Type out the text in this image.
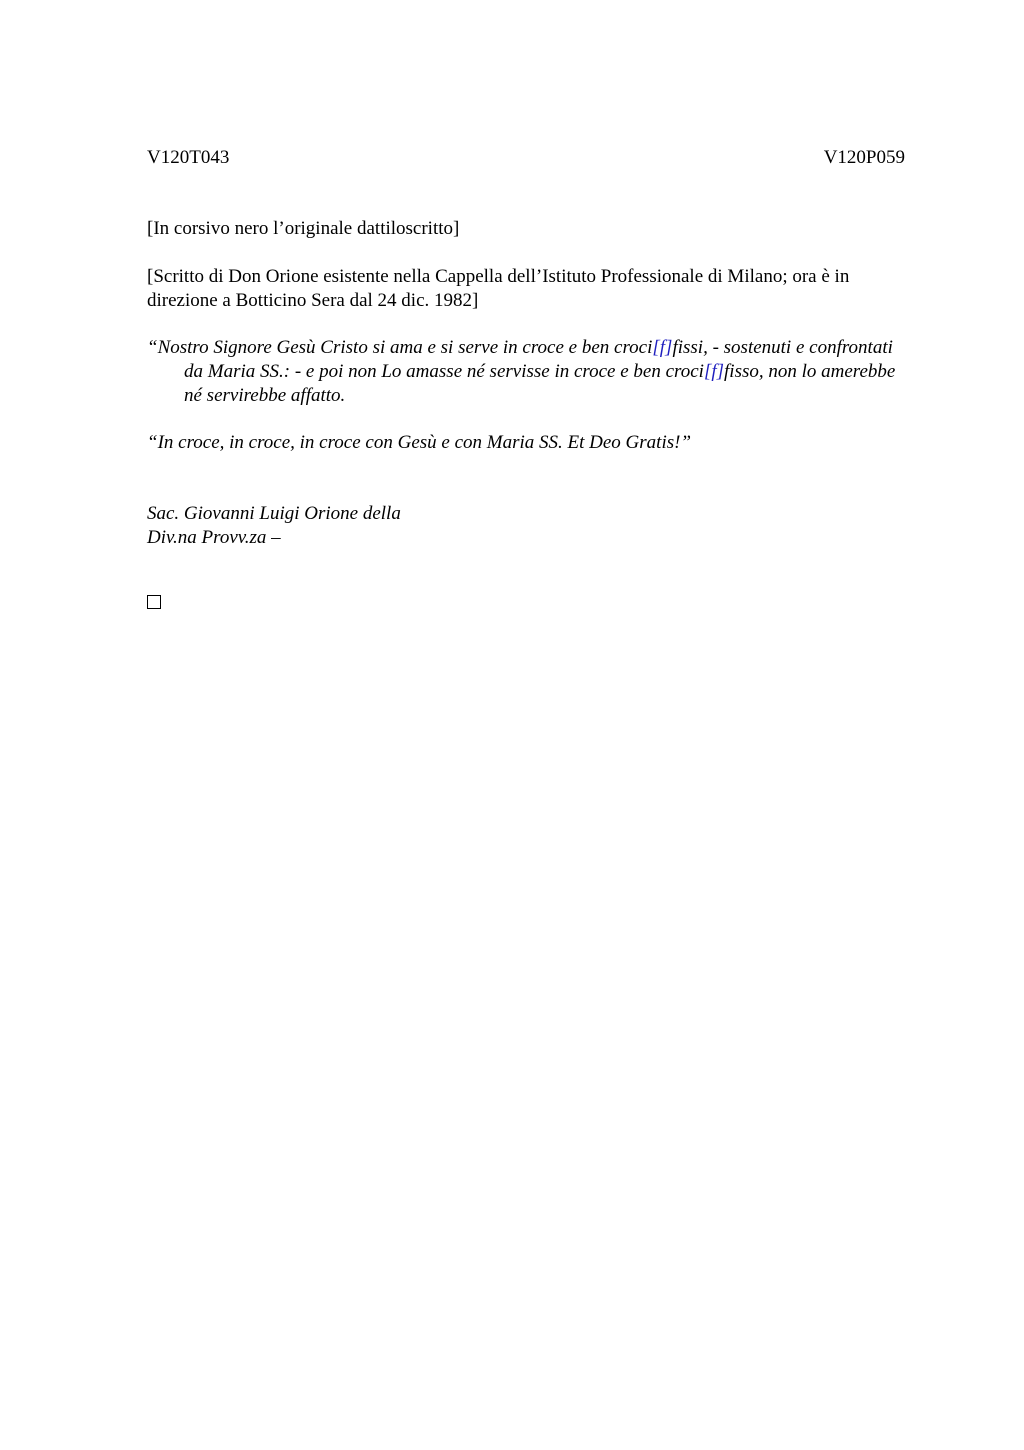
V120T043	V120P059
[In corsivo nero l’originale dattiloscritto]
[Scritto di Don Orione esistente nella Cappella dell’Istituto Professionale di Milano; ora è in direzione a Botticino Sera dal 24 dic. 1982]
“Nostro Signore Gesù Cristo si ama e si serve in croce e ben croci[f]fissi, - sostenuti e confrontati da Maria SS.: - e poi non Lo amasse né servisse in croce e ben croci[f]fisso, non lo amerebbe né servirebbe affatto.
“In croce, in croce, in croce con Gesù e con Maria SS. Et Deo Gratis!”
Sac. Giovanni Luigi Orione della
Div.na Provv.za –
